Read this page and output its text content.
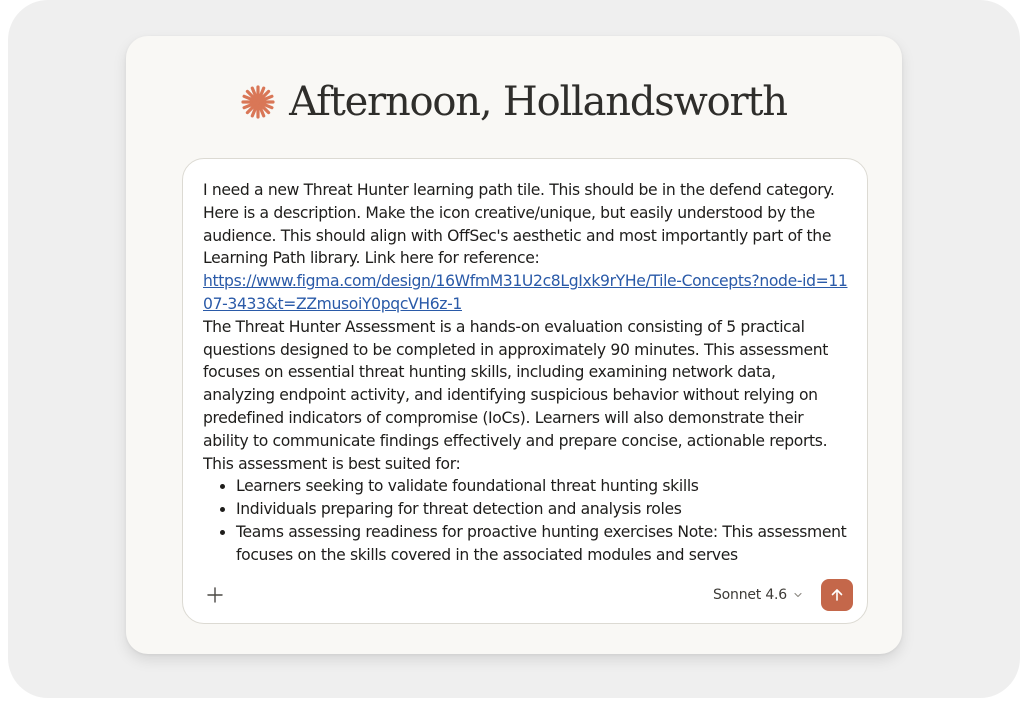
Afternoon, Hollandsworth

I need a new Threat Hunter learning path tile. This should be in the defend category. Here is a description. Make the icon creative/unique, but easily understood by the audience. This should align with OffSec's aesthetic and most importantly part of the Learning Path library. Link here for reference:

https://www.figma.com/design/16WfmM31U2c8LgIxk9rYHe/Tile-Concepts?node-id=1107-3433&t=ZZmusoiY0pqcVH6z-1

The Threat Hunter Assessment is a hands-on evaluation consisting of 5 practical questions designed to be completed in approximately 90 minutes. This assessment focuses on essential threat hunting skills, including examining network data, analyzing endpoint activity, and identifying suspicious behavior without relying on predefined indicators of compromise (IoCs). Learners will also demonstrate their ability to communicate findings effectively and prepare concise, actionable reports. This assessment is best suited for:

• Learners seeking to validate foundational threat hunting skills
• Individuals preparing for threat detection and analysis roles
• Teams assessing readiness for proactive hunting exercises Note: This assessment focuses on the skills covered in the associated modules and serves
Sonnet 4.6
